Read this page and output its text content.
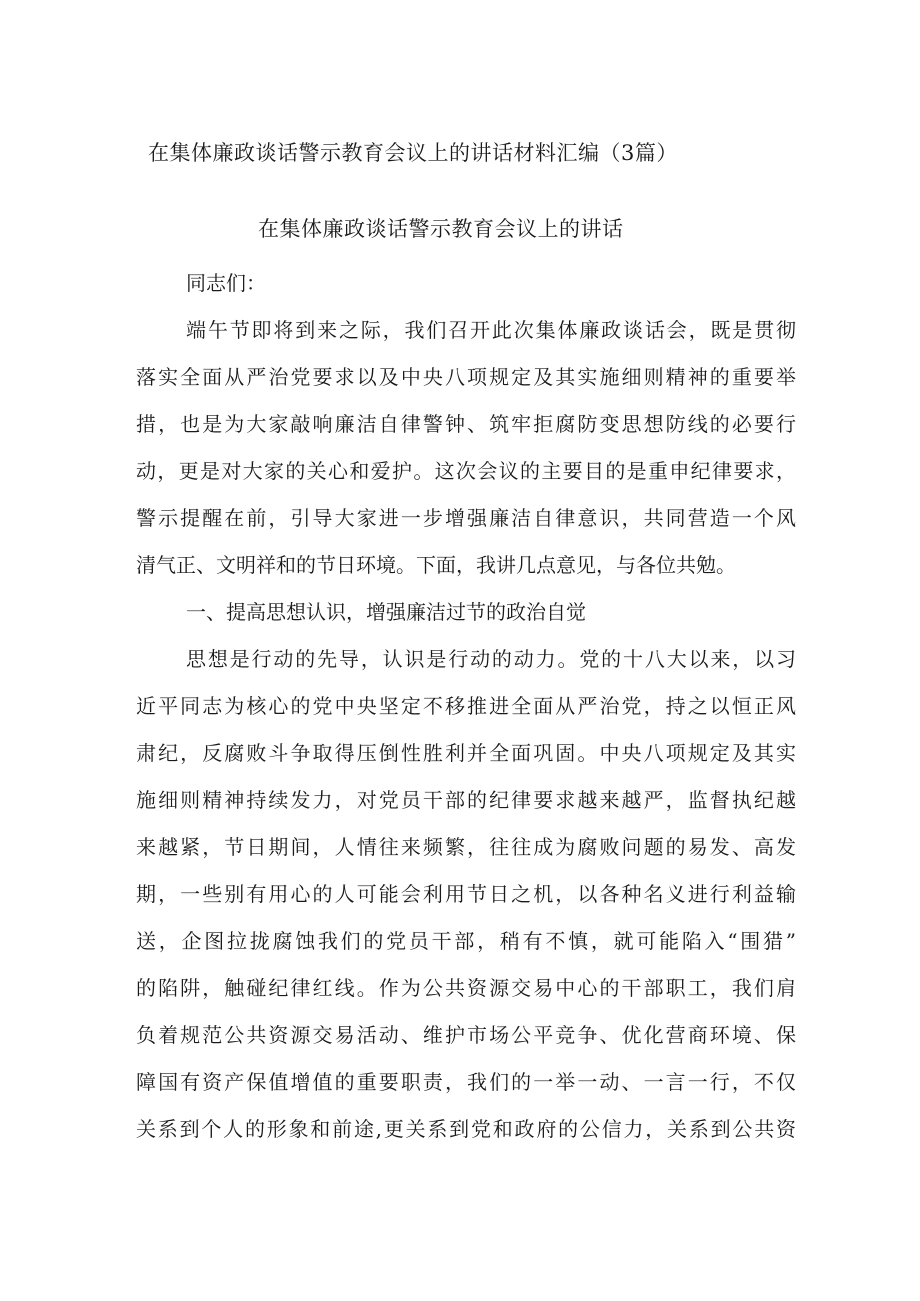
在集体廉政谈话警示教育会议上的讲话材料汇编（3篇）
在集体廉政谈话警示教育会议上的讲话
同志们：
端午节即将到来之际，我们召开此次集体廉政谈话会，既是贯彻
落实全面从严治党要求以及中央八项规定及其实施细则精神的重要举
措，也是为大家敲响廉洁自律警钟、筑牢拒腐防变思想防线的必要行
动，更是对大家的关心和爱护。这次会议的主要目的是重申纪律要求，
警示提醒在前，引导大家进一步增强廉洁自律意识，共同营造一个风
清气正、文明祥和的节日环境。下面，我讲几点意见，与各位共勉。
一、提高思想认识，增强廉洁过节的政治自觉
思想是行动的先导，认识是行动的动力。党的十八大以来，以习
近平同志为核心的党中央坚定不移推进全面从严治党，持之以恒正风
肃纪，反腐败斗争取得压倒性胜利并全面巩固。中央八项规定及其实
施细则精神持续发力，对党员干部的纪律要求越来越严，监督执纪越
来越紧，节日期间，人情往来频繁，往往成为腐败问题的易发、高发
期，一些别有用心的人可能会利用节日之机，以各种名义进行利益输
送，企图拉拢腐蚀我们的党员干部，稍有不慎，就可能陷入“围猎”
的陷阱，触碰纪律红线。作为公共资源交易中心的干部职工，我们肩
负着规范公共资源交易活动、维护市场公平竞争、优化营商环境、保
障国有资产保值增值的重要职责，我们的一举一动、一言一行，不仅
关系到个人的形象和前途,更关系到党和政府的公信力，关系到公共资
